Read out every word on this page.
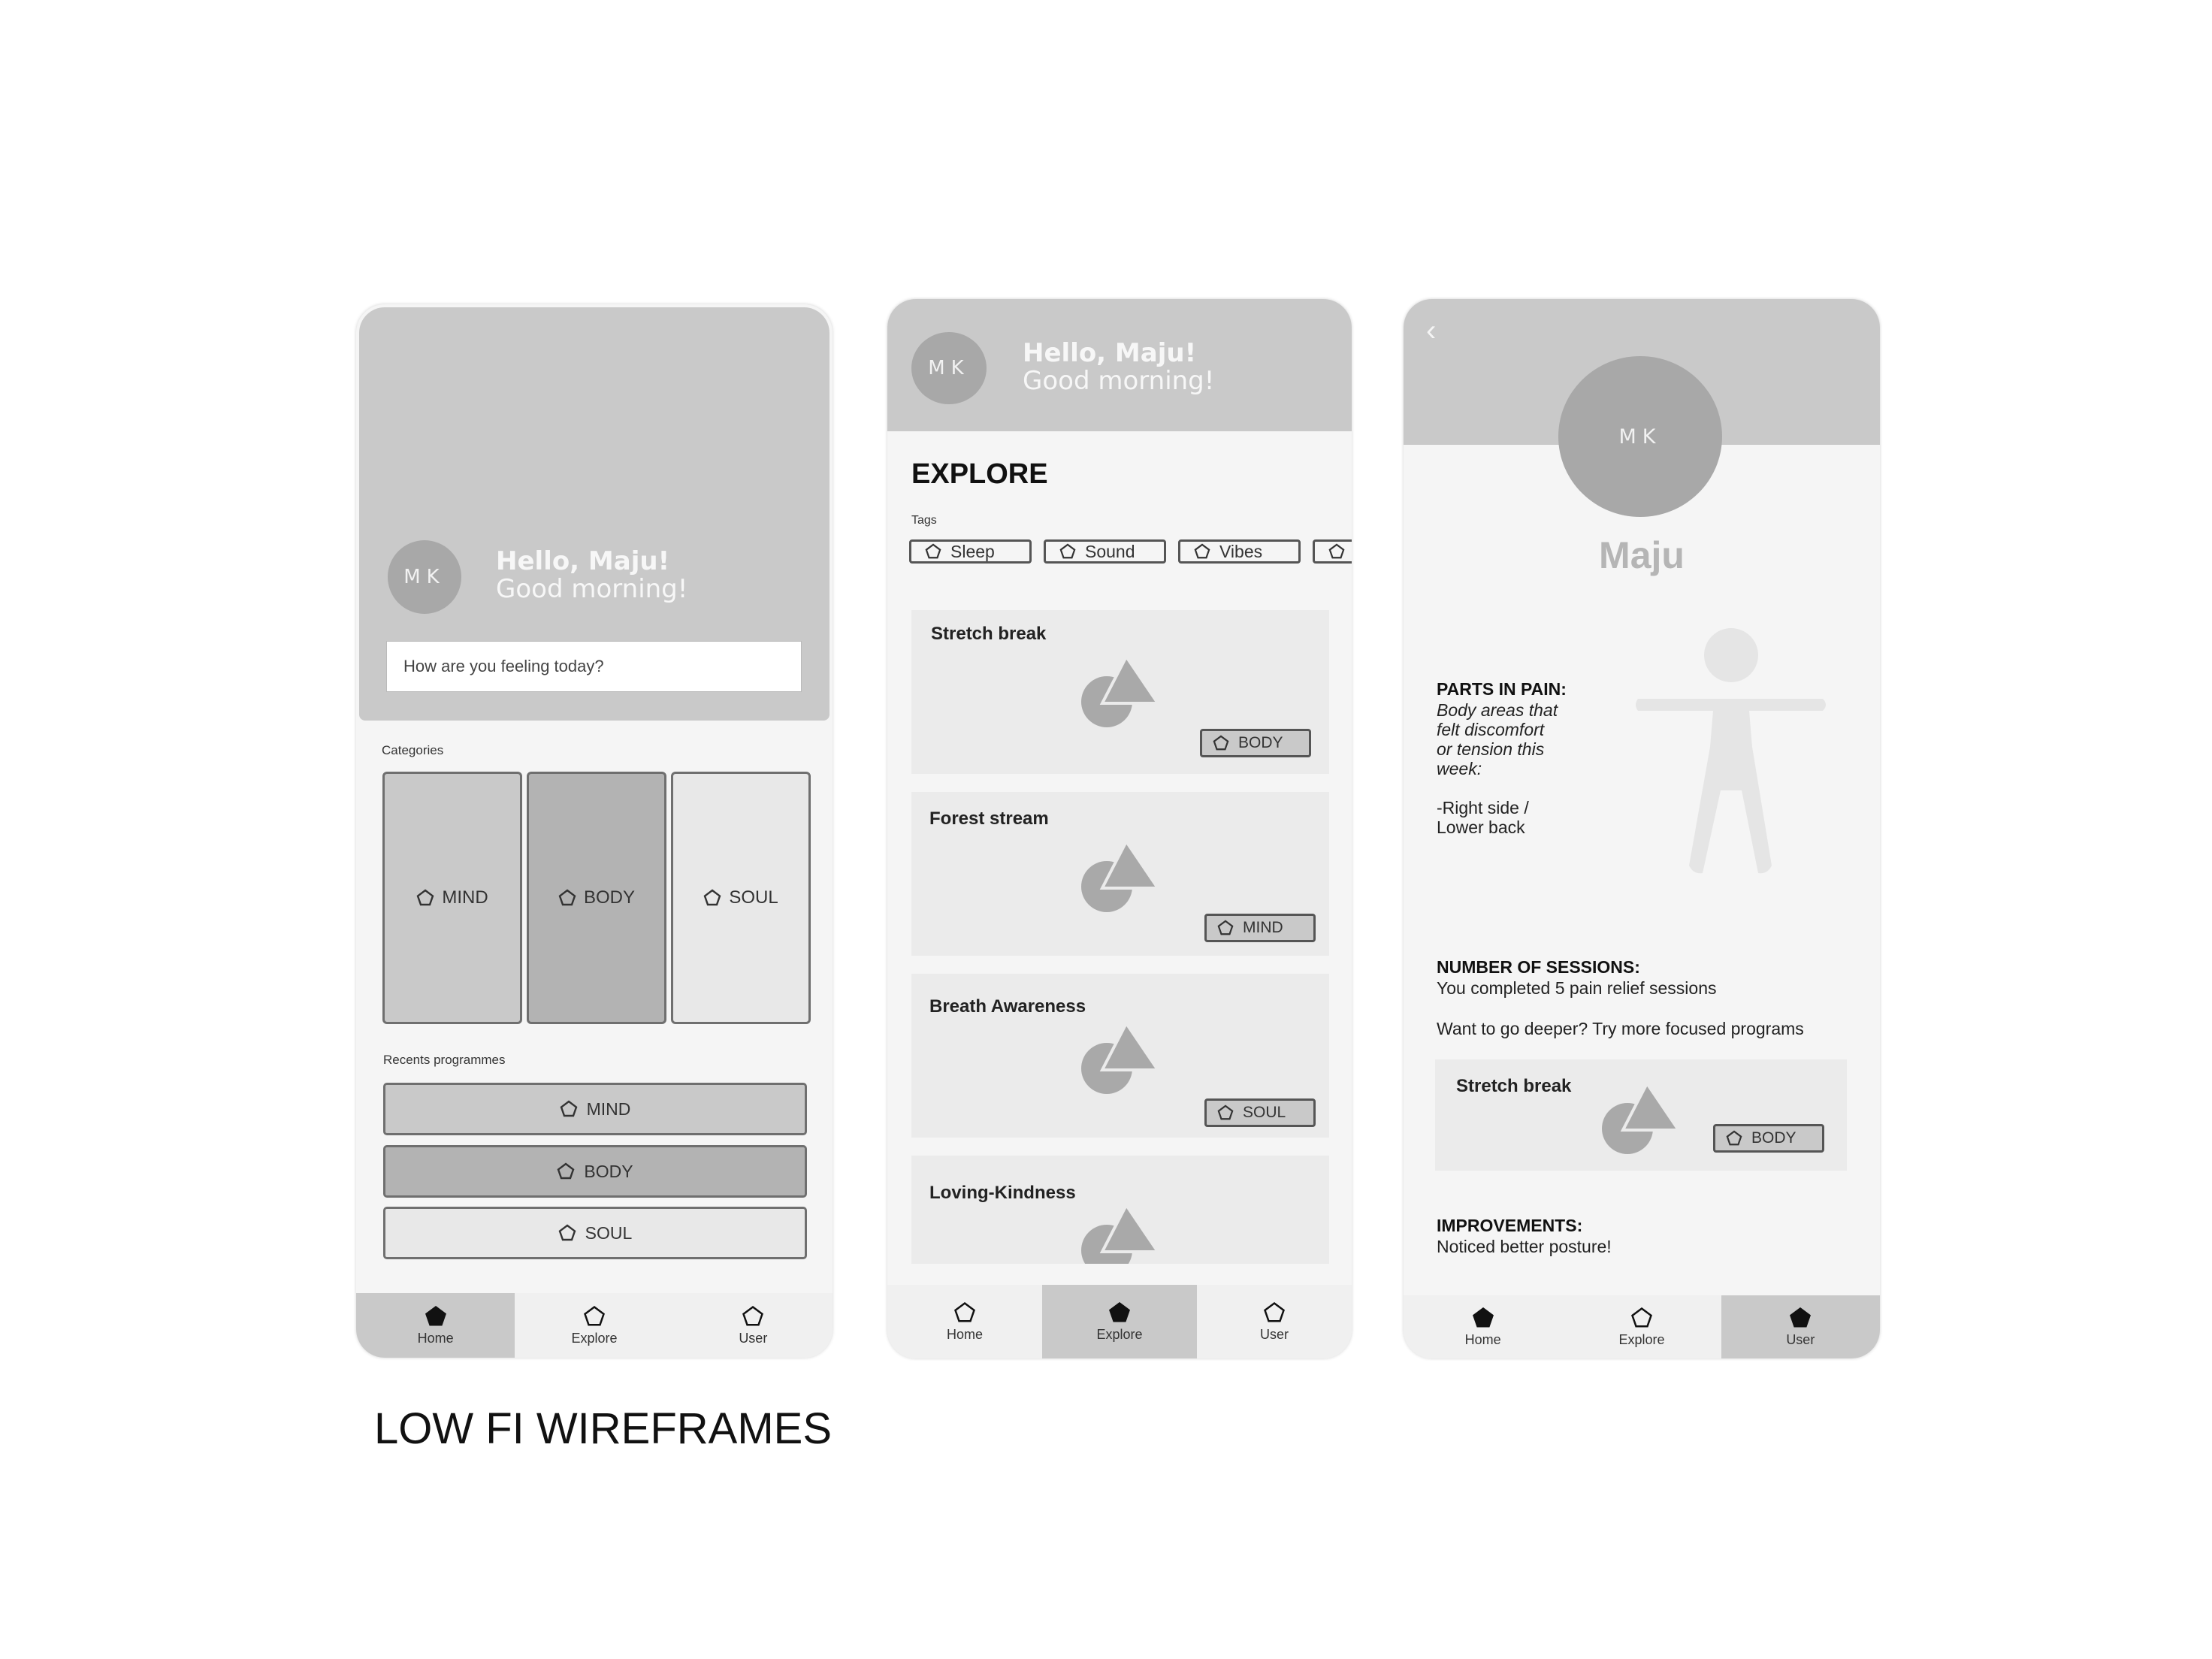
MK
Hello, Maju!
Good morning!
How are you feeling today?
Categories
MIND	BODY	SOUL
Recents programmes
MIND
BODY
SOUL
Home	Explore	User
MK	Hello, Maju!
Good morning!
EXPLORE
Tags
Sleep	Sound	Vibes
Stretch break
BODY
Forest stream
MIND
Breath Awareness
SOUL
Loving-Kindness
Home	Explore	User
‹
MK
Maju
PARTS IN PAIN:
Body areas that
felt discomfort
or tension this
week:
-Right side /
Lower back
NUMBER OF SESSIONS:
You completed 5 pain relief sessions
Want to go deeper? Try more focused programs
Stretch break
BODY
IMPROVEMENTS:
Noticed better posture!
Home	Explore	User
LOW FI WIREFRAMES
